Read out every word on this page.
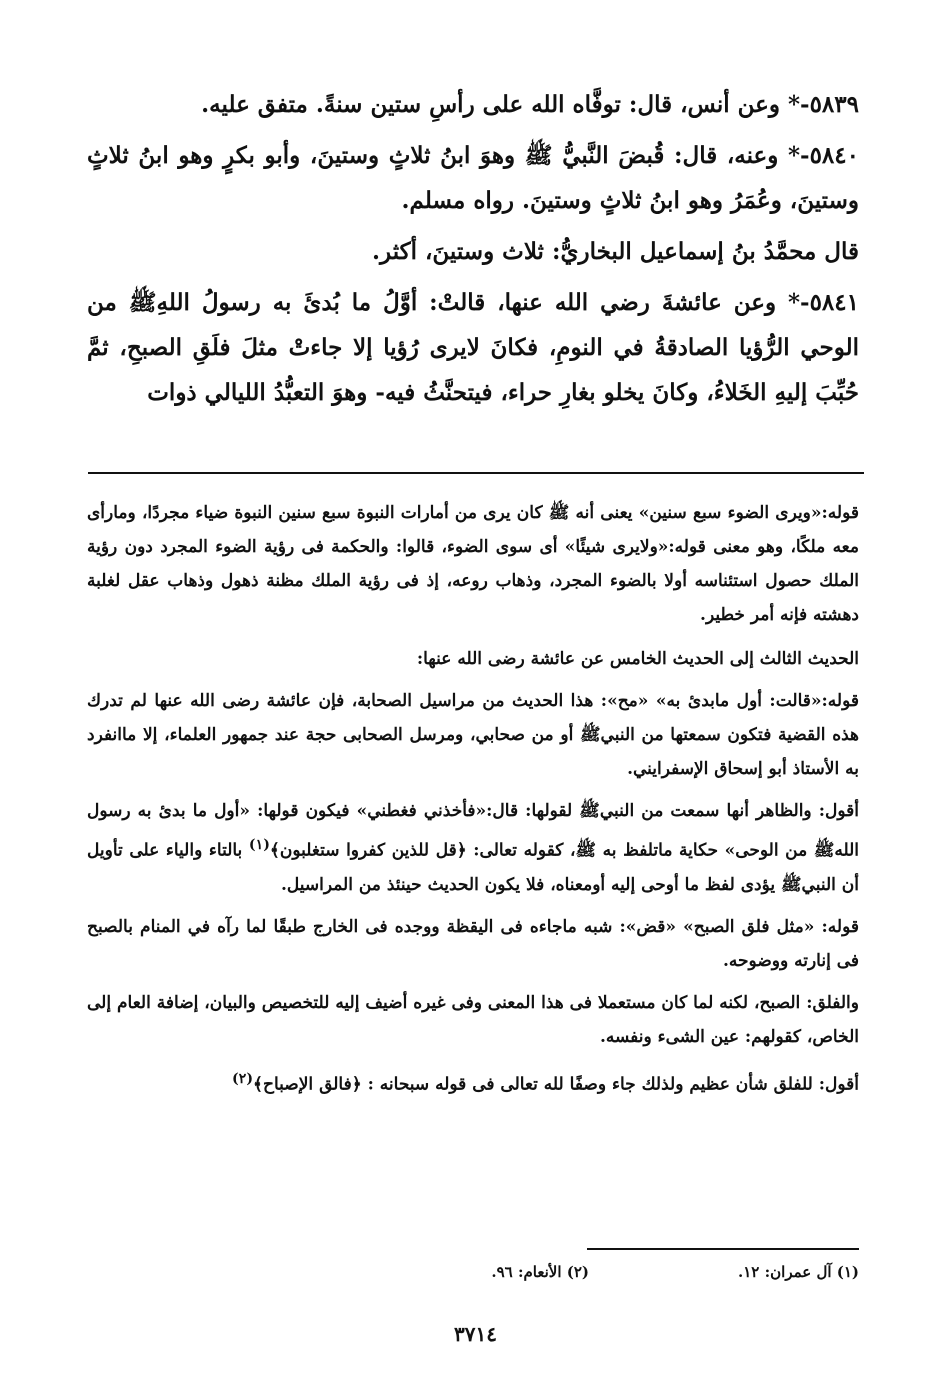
٥٨٣٩-* وعن أنس، قال: توفَّاه الله على رأسِ ستين سنةً. متفق عليه.

٥٨٤٠-* وعنه، قال: قُبضَ النَّبيُّ ﷺ وهوَ ابنُ ثلاثٍ وستينَ، وأبو بكرٍ وهو ابنُ ثلاثٍ وستينَ، وعُمَرُ وهو ابنُ ثلاثٍ وستينَ. رواه مسلم.

قال محمَّدُ بنُ إسماعيل البخاريُّ: ثلاث وستينَ، أكثر.

٥٨٤١-* وعن عائشةَ رضي الله عنها، قالتْ: أوَّلُ ما بُدئَ به رسولُ اللهِﷺ من الوحي الرُّؤيا الصادقةُ في النومِ، فكانَ لايرى رُؤيا إلا جاءتْ مثلَ فلَقِ الصبحِ، ثمَّ حُبِّبَ إليهِ الخَلاءُ، وكانَ يخلو بغارِ حراء، فيتحنَّثُ فيه- وهوَ التعبُّدُ الليالي ذوات

قوله:«ويرى الضوء سبع سنين» يعنى أنه ﷺ كان يرى من أمارات النبوة سبع سنين النبوة ضياء مجردًا، ومارأى معه ملكًا، وهو معنى قوله:«ولايرى شيئًا» أى سوى الضوء، قالوا: والحكمة فى رؤية الضوء المجرد دون رؤية الملك حصول استئناسه أولا بالضوء المجرد، وذهاب روعه، إذ فى رؤية الملك مظنة ذهول وذهاب عقل لغلبة دهشته فإنه أمر خطير.

الحديث الثالث إلى الحديث الخامس عن عائشة رضى الله عنها:

قوله:«قالت: أول مابدئ به» «مح»: هذا الحديث من مراسيل الصحابة، فإن عائشة رضى الله عنها لم تدرك هذه القضية فتكون سمعتها من النبيﷺ أو من صحابي، ومرسل الصحابى حجة عند جمهور العلماء، إلا ماانفرد به الأستاذ أبو إسحاق الإسفرايني.

أقول: والظاهر أنها سمعت من النبيﷺ لقولها: قال:«فأخذني فغطني» فيكون قولها: «أول ما بدئ به رسول اللهﷺ من الوحى» حكاية ماتلفظ به ﷺ، كقوله تعالى: ﴿قل للذين كفروا ستغلبون﴾$^{(١)}$ بالتاء والياء على تأويل أن النبيﷺ يؤدى لفظ ما أوحى إليه أومعناه، فلا يكون الحديث حينئذ من المراسيل.

قوله: «مثل فلق الصبح» «قض»: شبه ماجاءه فى اليقظة ووجده فى الخارج طبقًا لما رآه في المنام بالصبح فى إنارته ووضوحه.

والفلق: الصبح، لكنه لما كان مستعملا فى هذا المعنى وفى غيره أضيف إليه للتخصيص والبيان، إضافة العام إلى الخاص، كقولهم: عين الشىء ونفسه.

أقول: للفلق شأن عظيم ولذلك جاء وصفًا لله تعالى فى قوله سبحانه : ﴿فالق الإصباح﴾$^{(٢)}$

(١) آل عمران: ١٢.
(٢) الأنعام: ٩٦.
٣٧١٤
